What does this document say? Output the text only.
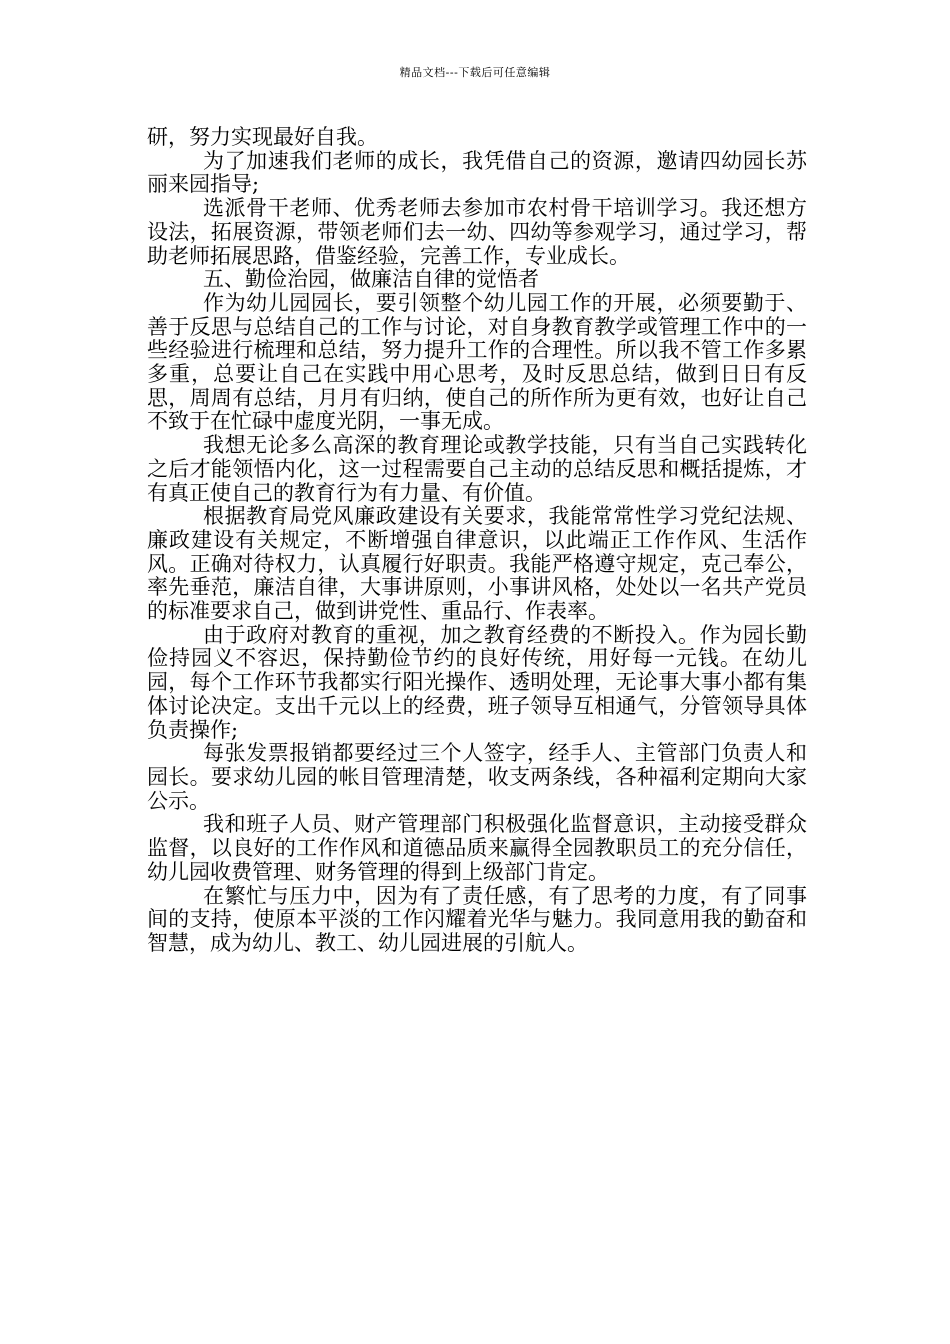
精品文档---下载后可任意编辑

研，努力实现最好自我。

为了加速我们老师的成长，我凭借自己的资源，邀请四幼园长苏丽来园指导;

选派骨干老师、优秀老师去参加市农村骨干培训学习。我还想方设法，拓展资源，带领老师们去一幼、四幼等参观学习，通过学习，帮助老师拓展思路，借鉴经验，完善工作，专业成长。

五、勤俭治园，做廉洁自律的觉悟者

作为幼儿园园长，要引领整个幼儿园工作的开展，必须要勤于、善于反思与总结自己的工作与讨论，对自身教育教学或管理工作中的一些经验进行梳理和总结，努力提升工作的合理性。所以我不管工作多累多重，总要让自己在实践中用心思考，及时反思总结，做到日日有反思，周周有总结，月月有归纳，使自己的所作所为更有效，也好让自己不致于在忙碌中虚度光阴，一事无成。

我想无论多么高深的教育理论或教学技能，只有当自己实践转化之后才能领悟内化，这一过程需要自己主动的总结反思和概括提炼，才有真正使自己的教育行为有力量、有价值。

根据教育局党风廉政建设有关要求，我能常常性学习党纪法规、廉政建设有关规定，不断增强自律意识，以此端正工作作风、生活作风。正确对待权力，认真履行好职责。我能严格遵守规定，克己奉公，率先垂范，廉洁自律，大事讲原则，小事讲风格，处处以一名共产党员的标准要求自己，做到讲党性、重品行、作表率。

由于政府对教育的重视，加之教育经费的不断投入。作为园长勤俭持园义不容迟，保持勤俭节约的良好传统，用好每一元钱。在幼儿园，每个工作环节我都实行阳光操作、透明处理，无论事大事小都有集体讨论决定。支出千元以上的经费，班子领导互相通气，分管领导具体负责操作;

每张发票报销都要经过三个人签字，经手人、主管部门负责人和园长。要求幼儿园的帐目管理清楚，收支两条线，各种福利定期向大家公示。

我和班子人员、财产管理部门积极强化监督意识，主动接受群众监督，以良好的工作作风和道德品质来赢得全园教职员工的充分信任，幼儿园收费管理、财务管理的得到上级部门肯定。

在繁忙与压力中，因为有了责任感，有了思考的力度，有了同事间的支持，使原本平淡的工作闪耀着光华与魅力。我同意用我的勤奋和智慧，成为幼儿、教工、幼儿园进展的引航人。
